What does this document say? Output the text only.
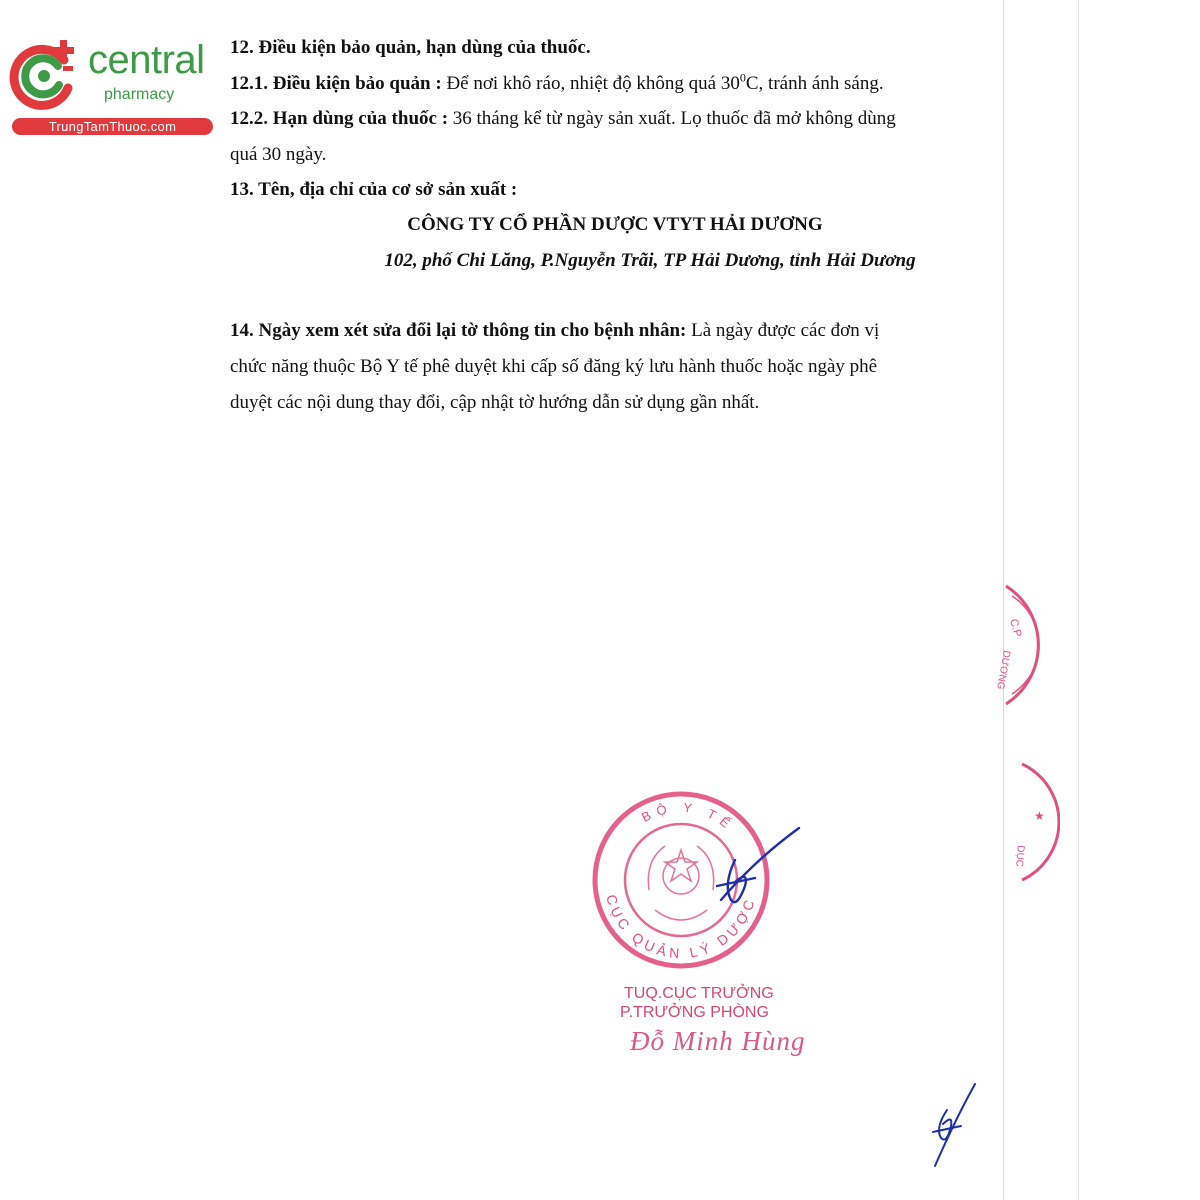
central
pharmacy
TrungTamThuoc.com
12. Điều kiện bảo quản, hạn dùng của thuốc.
12.1. Điều kiện bảo quản : Để nơi khô ráo, nhiệt độ không quá $30^0C$, tránh ánh sáng.
12.2. Hạn dùng của thuốc : 36 tháng kể từ ngày sản xuất. Lọ thuốc đã mở không dùng
quá 30 ngày.
13. Tên, địa chỉ của cơ sở sản xuất :
CÔNG TY CỔ PHẦN DƯỢC VTYT HẢI DƯƠNG
102, phố Chi Lăng, P.Nguyễn Trãi, TP Hải Dương, tỉnh Hải Dương
14. Ngày xem xét sửa đổi lại tờ thông tin cho bệnh nhân: Là ngày được các đơn vị
chức năng thuộc Bộ Y tế phê duyệt khi cấp số đăng ký lưu hành thuốc hoặc ngày phê
duyệt các nội dung thay đổi, cập nhật tờ hướng dẫn sử dụng gần nhất.
C.P
DƯƠNG
★
DỤC
BỘ Y TẾ
CỤC QUẢN LÝ DƯỢC
TUQ.CỤC TRƯỞNG
P.TRƯỞNG PHÒNG
Đỗ Minh Hùng
